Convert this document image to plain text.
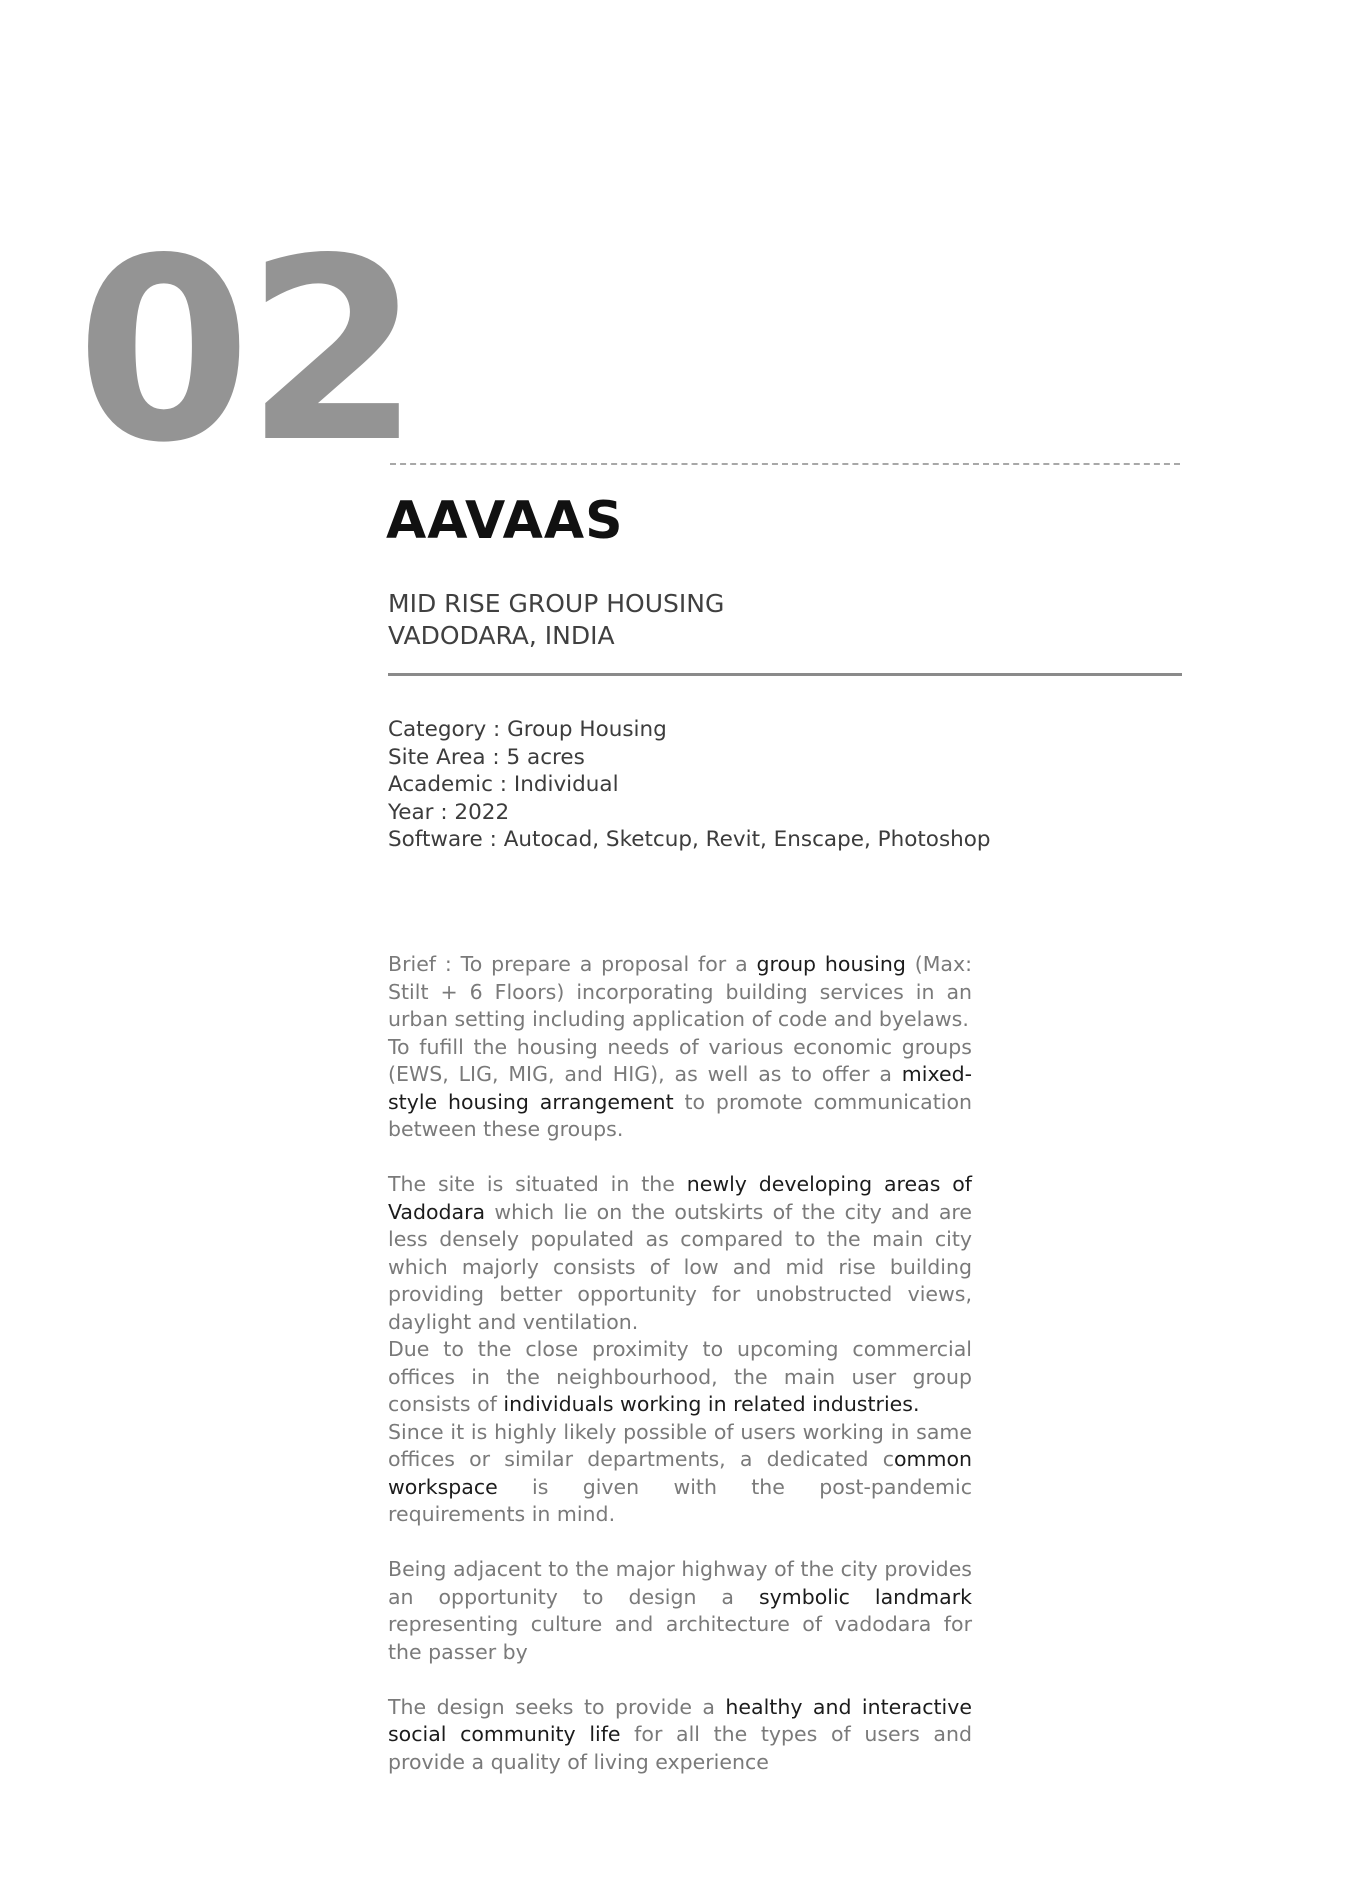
02
AAVAAS
MID RISE GROUP HOUSING
VADODARA, INDIA
Category : Group Housing
Site Area : 5 acres
Academic : Individual
Year : 2022
Software : Autocad, Sketcup, Revit, Enscape, Photoshop

Brief : To prepare a proposal for a group housing (Max: Stilt + 6 Floors) incorporating building services in an urban setting including application of code and byelaws.

To fufill the housing needs of various economic groups (EWS, LIG, MIG, and HIG), as well as to offer a mixed-style housing arrangement to promote communication between these groups.

The site is situated in the newly developing areas of Vadodara which lie on the outskirts of the city and are less densely populated as compared to the main city which majorly consists of low and mid rise building providing better opportunity for unobstructed views, daylight and ventilation.

Due to the close proximity to upcoming commercial offices in the neighbourhood, the main user group consists of individuals working in related industries.

Since it is highly likely possible of users working in same offices or similar departments, a dedicated common workspace is given with the post-pandemic requirements in mind.

Being adjacent to the major highway of the city provides an opportunity to design a symbolic landmark representing culture and architecture of vadodara for the passer by

The design seeks to provide a healthy and interactive social community life for all the types of users and provide a quality of living experience
